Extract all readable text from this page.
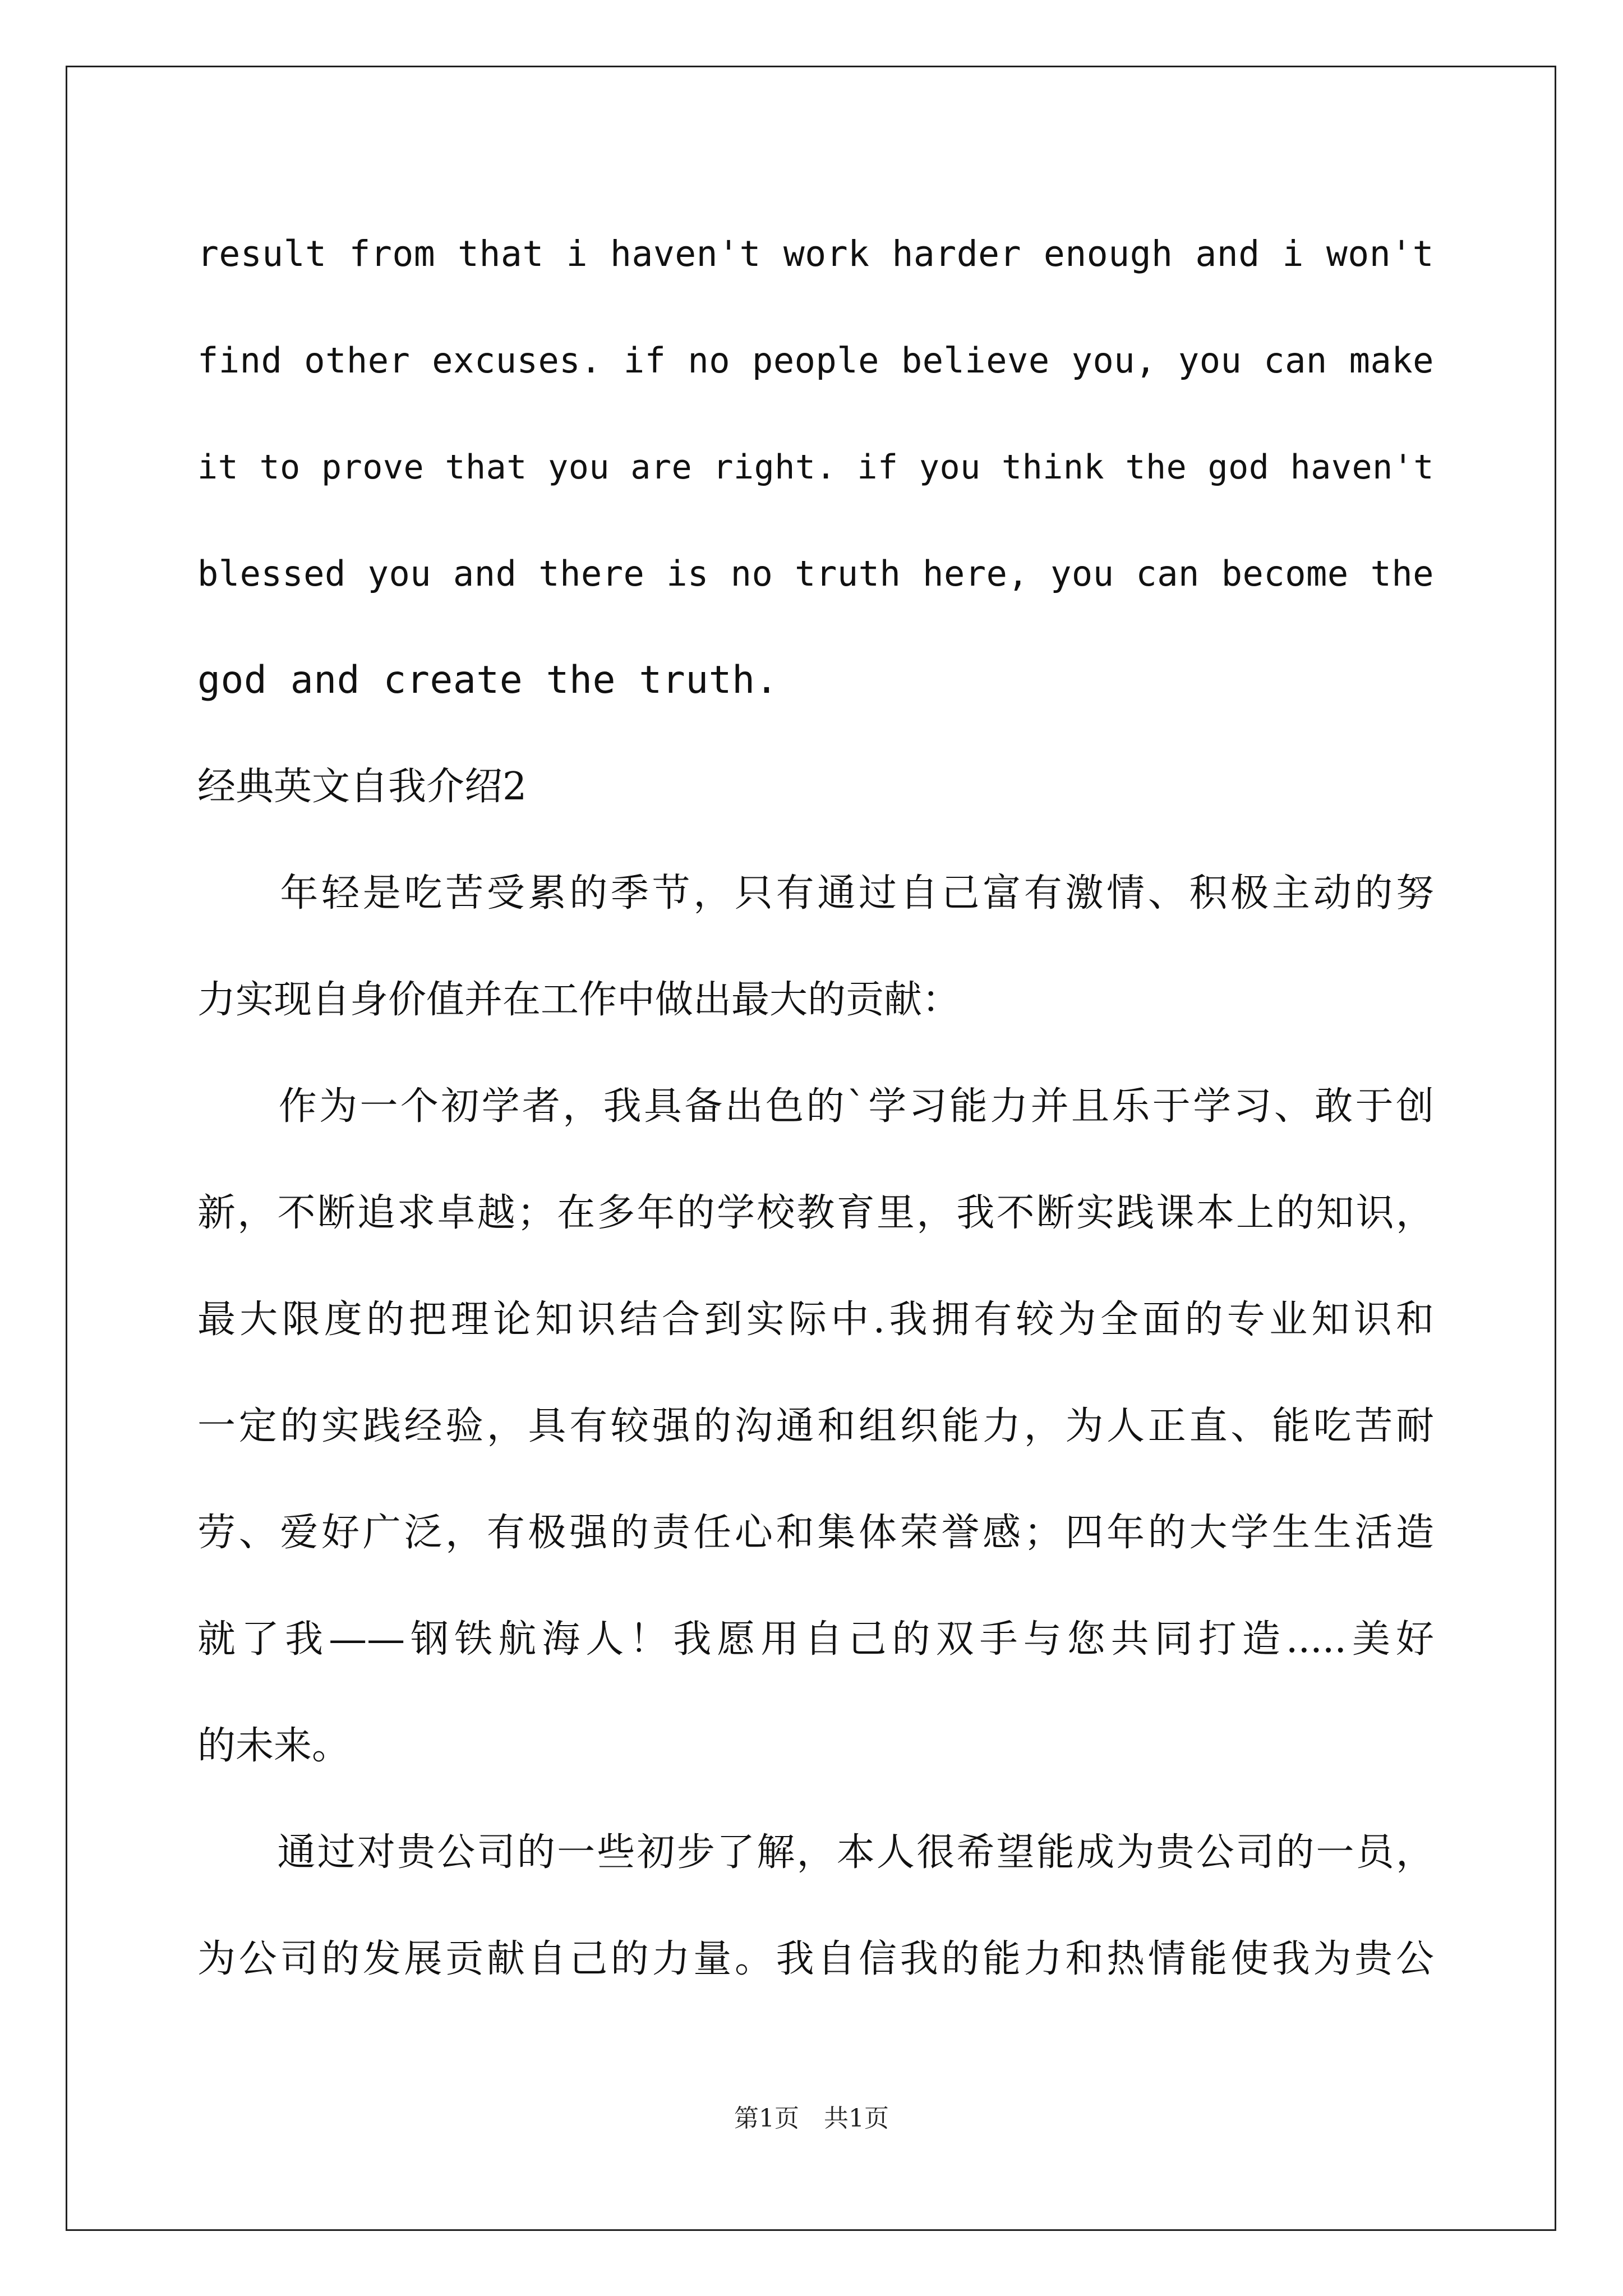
result from that i haven't work harder enough and i won't
find other excuses. if no people believe you, you can make
it to prove that you are right. if you think the god haven't
blessed you and there is no truth here, you can become the
god and create the truth.
经典英文自我介绍2
　　年轻是吃苦受累的季节，只有通过自己富有激情、积极主动的努
力实现自身价值并在工作中做出最大的贡献：
　　作为一个初学者，我具备出色的`学习能力并且乐于学习、敢于创
新，不断追求卓越；在多年的学校教育里，我不断实践课本上的知识，
最大限度的把理论知识结合到实际中.我拥有较为全面的专业知识和
一定的实践经验，具有较强的沟通和组织能力，为人正直、能吃苦耐
劳、爱好广泛，有极强的责任心和集体荣誉感；四年的大学生生活造
就了我——钢铁航海人！我愿用自己的双手与您共同打造.....美好
的未来。
　　通过对贵公司的一些初步了解，本人很希望能成为贵公司的一员，
为公司的发展贡献自己的力量。我自信我的能力和热情能使我为贵公
第1页　共1页
